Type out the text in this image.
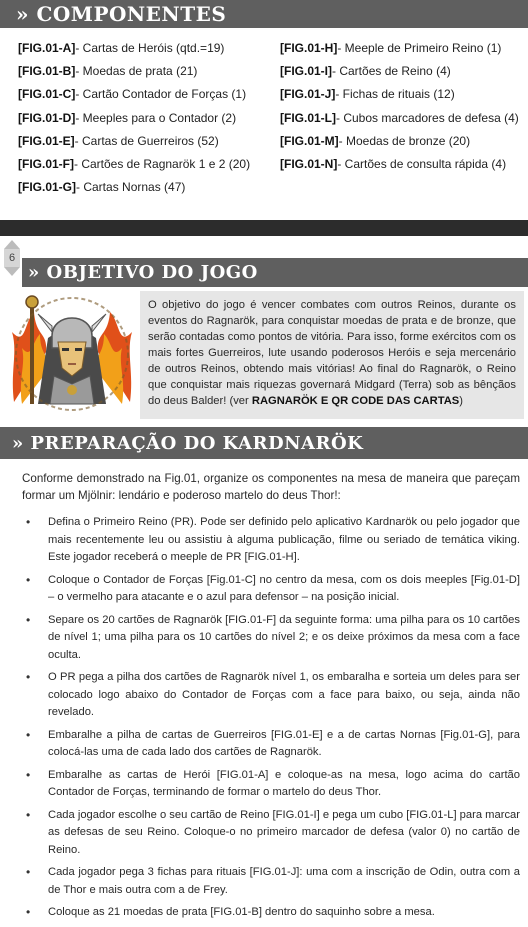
» COMPONENTES
[FIG.01-A]- Cartas de Heróis (qtd.=19)
[FIG.01-B]- Moedas de prata (21)
[FIG.01-C]- Cartão Contador de Forças (1)
[FIG.01-D]- Meeples para o Contador (2)
[FIG.01-E]- Cartas de Guerreiros (52)
[FIG.01-F]- Cartões de Ragnarök 1 e 2 (20)
[FIG.01-G]- Cartas Nornas (47)
[FIG.01-H]- Meeple de Primeiro Reino (1)
[FIG.01-I]- Cartões de Reino (4)
[FIG.01-J]- Fichas de rituais (12)
[FIG.01-L]- Cubos marcadores de defesa (4)
[FIG.01-M]- Moedas de bronze (20)
[FIG.01-N]- Cartões de consulta rápida (4)
6
» OBJETIVO DO JOGO
O objetivo do jogo é vencer combates com outros Reinos, durante os eventos do Ragnarök, para conquistar moedas de prata e de bronze, que serão contadas como pontos de vitória. Para isso, forme exércitos com os mais fortes Guerreiros, lute usando poderosos Heróis e seja mercenário de outros Reinos, obtendo mais vitórias! Ao final do Ragnarök, o Reino que conquistar mais riquezas governará Midgard (Terra) sob as bênçãos do deus Balder! (ver RAGNARÖK E QR CODE DAS CARTAS)
» PREPARAÇÃO DO KARDNARÖK

Conforme demonstrado na Fig.01, organize os componentes na mesa de maneira que pareçam formar um Mjölnir: lendário e poderoso martelo do deus Thor!:

• Defina o Primeiro Reino (PR). Pode ser definido pelo aplicativo Kardnarök ou pelo jogador que mais recentemente leu ou assistiu à alguma publicação, filme ou seriado de temática viking. Este jogador receberá o meeple de PR [FIG.01-H].
• Coloque o Contador de Forças [Fig.01-C] no centro da mesa, com os dois meeples [Fig.01-D] – o vermelho para atacante e o azul para defensor – na posição inicial.
• Separe os 20 cartões de Ragnarök [FIG.01-F] da seguinte forma: uma pilha para os 10 cartões de nível 1; uma pilha para os 10 cartões do nível 2; e os deixe próximos da mesa com a face oculta.
• O PR pega a pilha dos cartões de Ragnarök nível 1, os embaralha e sorteia um deles para ser colocado logo abaixo do Contador de Forças com a face para baixo, ou seja, ainda não revelado.
• Embaralhe a pilha de cartas de Guerreiros [FIG.01-E] e a de cartas Nornas [Fig.01-G], para colocá-las uma de cada lado dos cartões de Ragnarök.
• Embaralhe as cartas de Herói [FIG.01-A] e coloque-as na mesa, logo acima do cartão Contador de Forças, terminando de formar o martelo do deus Thor.
• Cada jogador escolhe o seu cartão de Reino [FIG.01-I] e pega um cubo [FIG.01-L] para marcar as defesas de seu Reino. Coloque-o no primeiro marcador de defesa (valor 0) no cartão de Reino.
• Cada jogador pega 3 fichas para rituais [FIG.01-J]: uma com a inscrição de Odin, outra com a de Thor e mais outra com a de Frey.
• Coloque as 21 moedas de prata [FIG.01-B] dentro do saquinho sobre a mesa.
